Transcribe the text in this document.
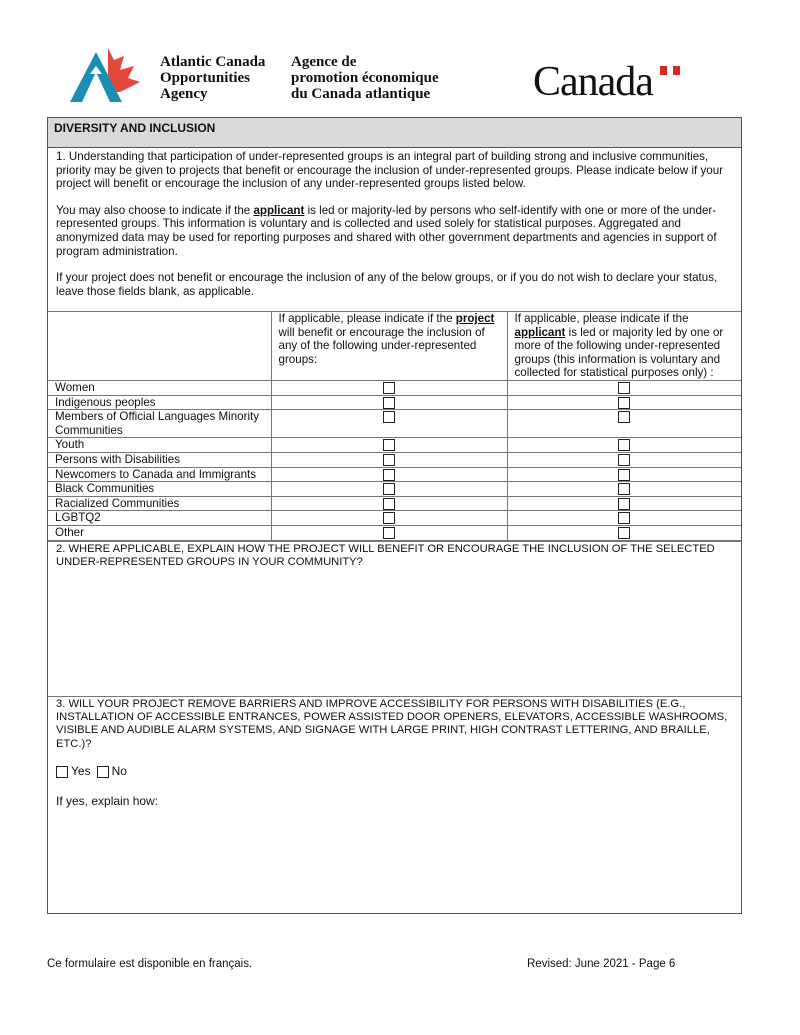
Atlantic Canada
Opportunities
Agency
Agence de
promotion économique
du Canada atlantique Canada
DIVERSITY AND INCLUSION

1. Understanding that participation of under-represented groups is an integral part of building strong and inclusive communities, priority may be given to projects that benefit or encourage the inclusion of under-represented groups. Please indicate below if your project will benefit or encourage the inclusion of any under-represented groups listed below.

You may also choose to indicate if the applicant is led or majority-led by persons who self-identify with one or more of the under-represented groups. This information is voluntary and is collected and used solely for statistical purposes. Aggregated and anonymized data may be used for reporting purposes and shared with other government departments and agencies in support of program administration.

If your project does not benefit or encourage the inclusion of any of the below groups, or if you do not wish to declare your status, leave those fields blank, as applicable.

	If applicable, please indicate if the project will benefit or encourage the inclusion of any of the following under-represented groups:	If applicable, please indicate if the applicant is led or majority led by one or more of the following under-represented groups (this information is voluntary and collected for statistical purposes only) :
Women		
Indigenous peoples		
Members of Official Languages Minority Communities		
Youth		
Persons with Disabilities		
Newcomers to Canada and Immigrants		
Black Communities		
Racialized Communities		
LGBTQ2		
Other		
2. WHERE APPLICABLE, EXPLAIN HOW THE PROJECT WILL BENEFIT OR ENCOURAGE THE INCLUSION OF THE SELECTED UNDER-REPRESENTED GROUPS IN YOUR COMMUNITY?
3. WILL YOUR PROJECT REMOVE BARRIERS AND IMPROVE ACCESSIBILITY FOR PERSONS WITH DISABILITIES (E.G., INSTALLATION OF ACCESSIBLE ENTRANCES, POWER ASSISTED DOOR OPENERS, ELEVATORS, ACCESSIBLE WASHROOMS, VISIBLE AND AUDIBLE ALARM SYSTEMS, AND SIGNAGE WITH LARGE PRINT, HIGH CONTRAST LETTERING, AND BRAILLE, ETC.)?
Yes No
If yes, explain how:
Ce formulaire est disponible en français.	Revised: June 2021 - Page 6
